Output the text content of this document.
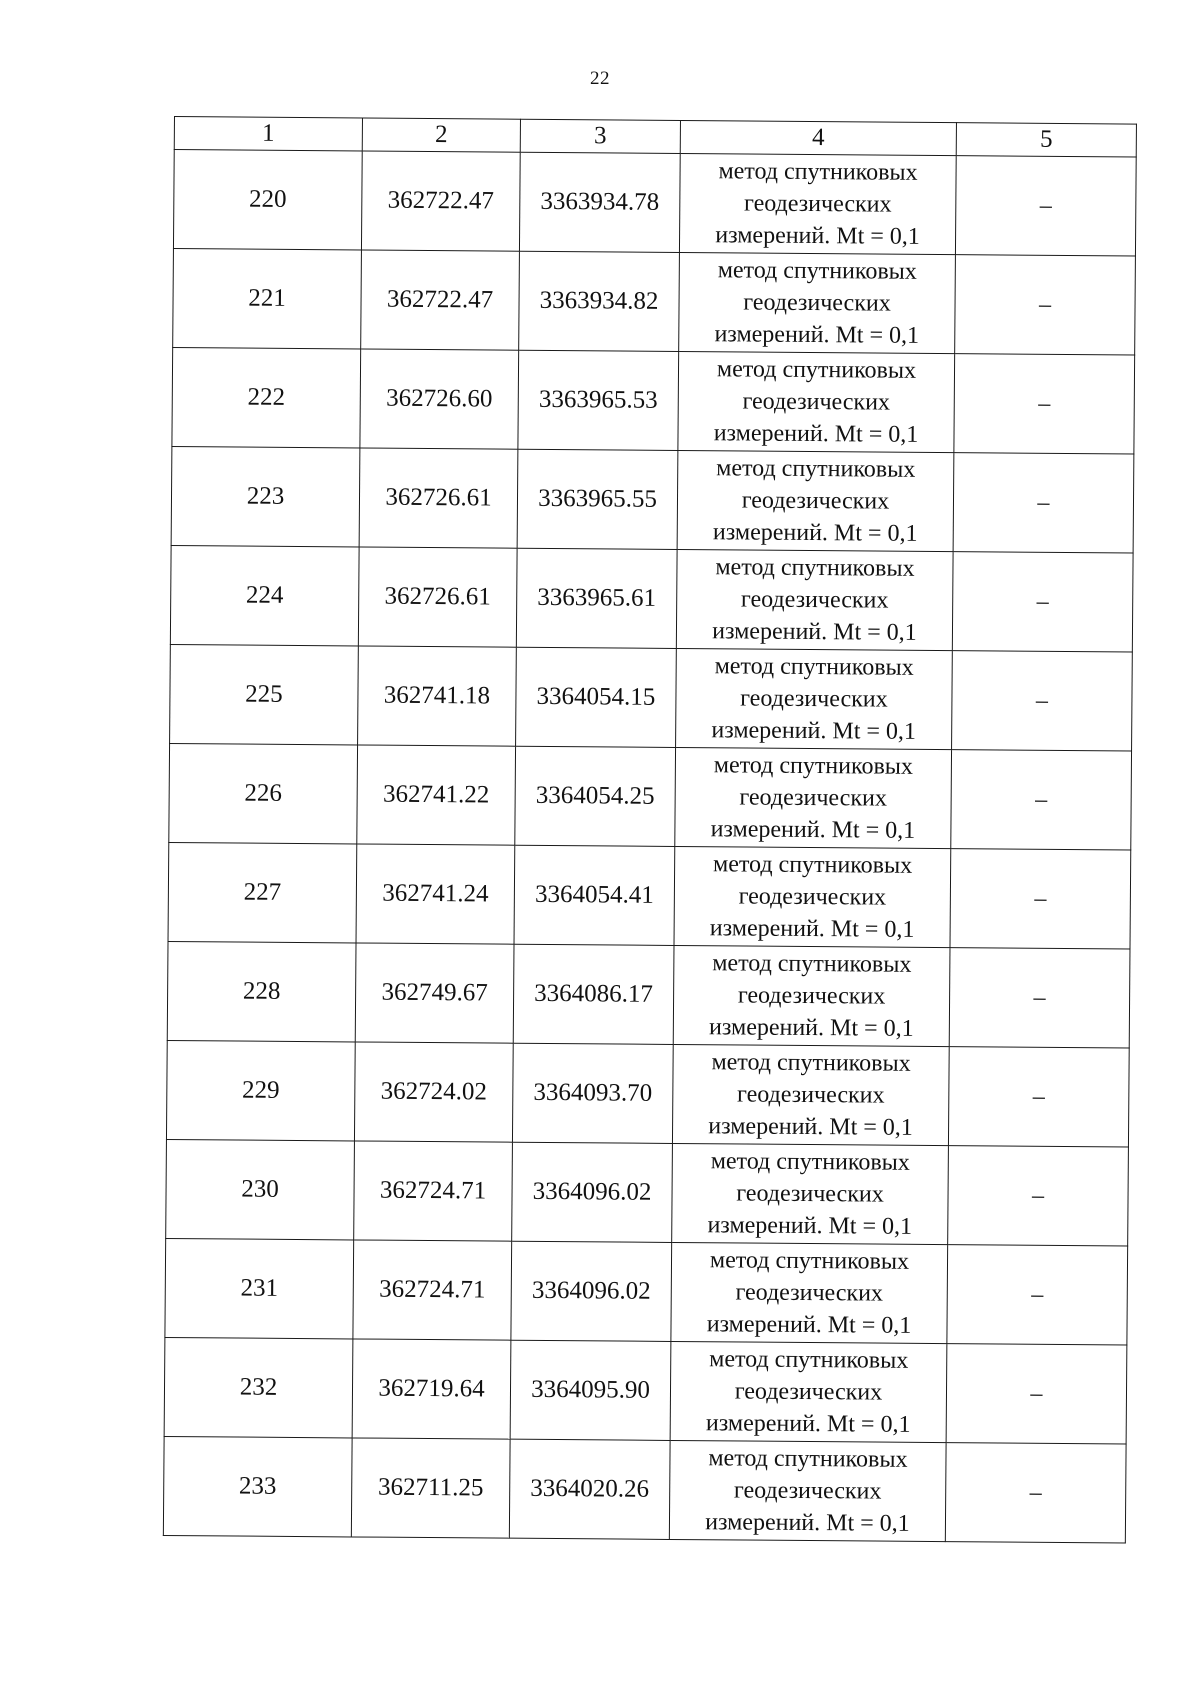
22
1	2	3	4	5
220	362722.47	3363934.78	метод спутниковых
геодезических
измерений. Mt = 0,1	–
221	362722.47	3363934.82	метод спутниковых
геодезических
измерений. Mt = 0,1	–
222	362726.60	3363965.53	метод спутниковых
геодезических
измерений. Mt = 0,1	–
223	362726.61	3363965.55	метод спутниковых
геодезических
измерений. Mt = 0,1	–
224	362726.61	3363965.61	метод спутниковых
геодезических
измерений. Mt = 0,1	–
225	362741.18	3364054.15	метод спутниковых
геодезических
измерений. Mt = 0,1	–
226	362741.22	3364054.25	метод спутниковых
геодезических
измерений. Mt = 0,1	–
227	362741.24	3364054.41	метод спутниковых
геодезических
измерений. Mt = 0,1	–
228	362749.67	3364086.17	метод спутниковых
геодезических
измерений. Mt = 0,1	–
229	362724.02	3364093.70	метод спутниковых
геодезических
измерений. Mt = 0,1	–
230	362724.71	3364096.02	метод спутниковых
геодезических
измерений. Mt = 0,1	–
231	362724.71	3364096.02	метод спутниковых
геодезических
измерений. Mt = 0,1	–
232	362719.64	3364095.90	метод спутниковых
геодезических
измерений. Mt = 0,1	–
233	362711.25	3364020.26	метод спутниковых
геодезических
измерений. Mt = 0,1	–
